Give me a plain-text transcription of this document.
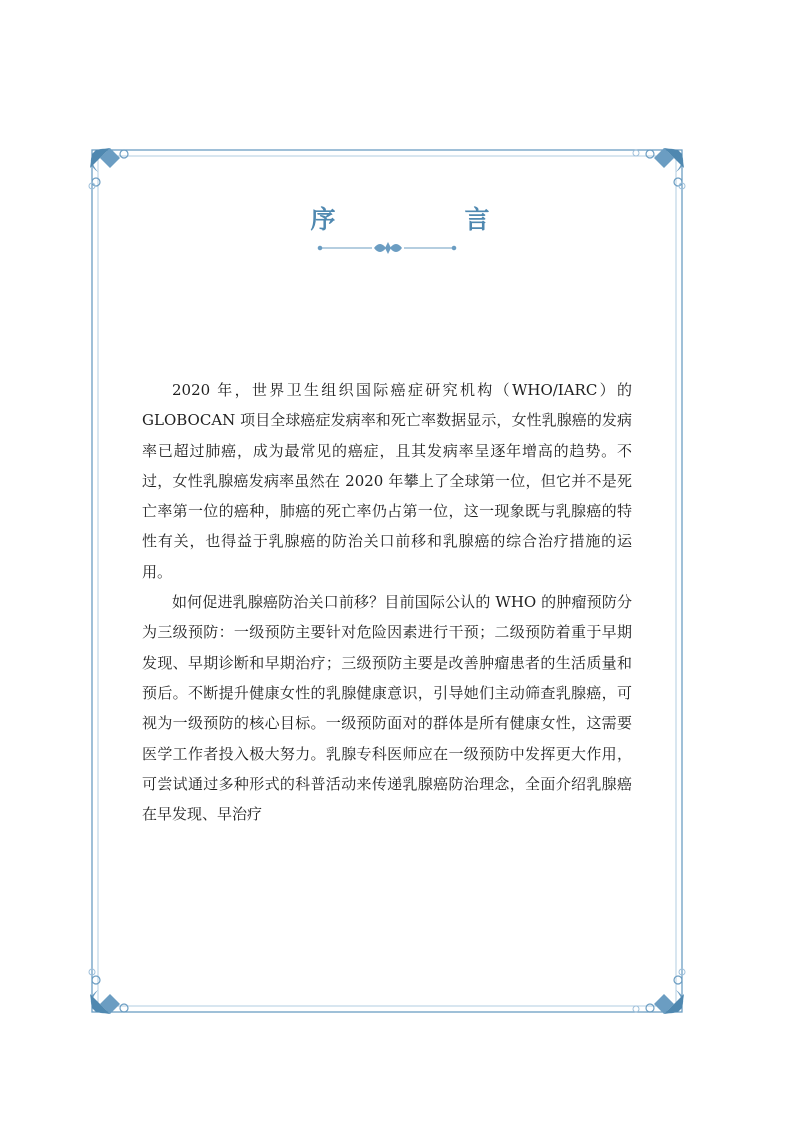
序　言

2020 年，世界卫生组织国际癌症研究机构（WHO/IARC）的 GLOBOCAN 项目全球癌症发病率和死亡率数据显示，女性乳腺癌的发病率已超过肺癌，成为最常见的癌症，且其发病率呈逐年增高的趋势。不过，女性乳腺癌发病率虽然在 2020 年攀上了全球第一位，但它并不是死亡率第一位的癌种，肺癌的死亡率仍占第一位，这一现象既与乳腺癌的特性有关，也得益于乳腺癌的防治关口前移和乳腺癌的综合治疗措施的运用。

如何促进乳腺癌防治关口前移？目前国际公认的 WHO 的肿瘤预防分为三级预防：一级预防主要针对危险因素进行干预；二级预防着重于早期发现、早期诊断和早期治疗；三级预防主要是改善肿瘤患者的生活质量和预后。不断提升健康女性的乳腺健康意识，引导她们主动筛查乳腺癌，可视为一级预防的核心目标。一级预防面对的群体是所有健康女性，这需要医学工作者投入极大努力。乳腺专科医师应在一级预防中发挥更大作用，可尝试通过多种形式的科普活动来传递乳腺癌防治理念，全面介绍乳腺癌在早发现、早治疗
